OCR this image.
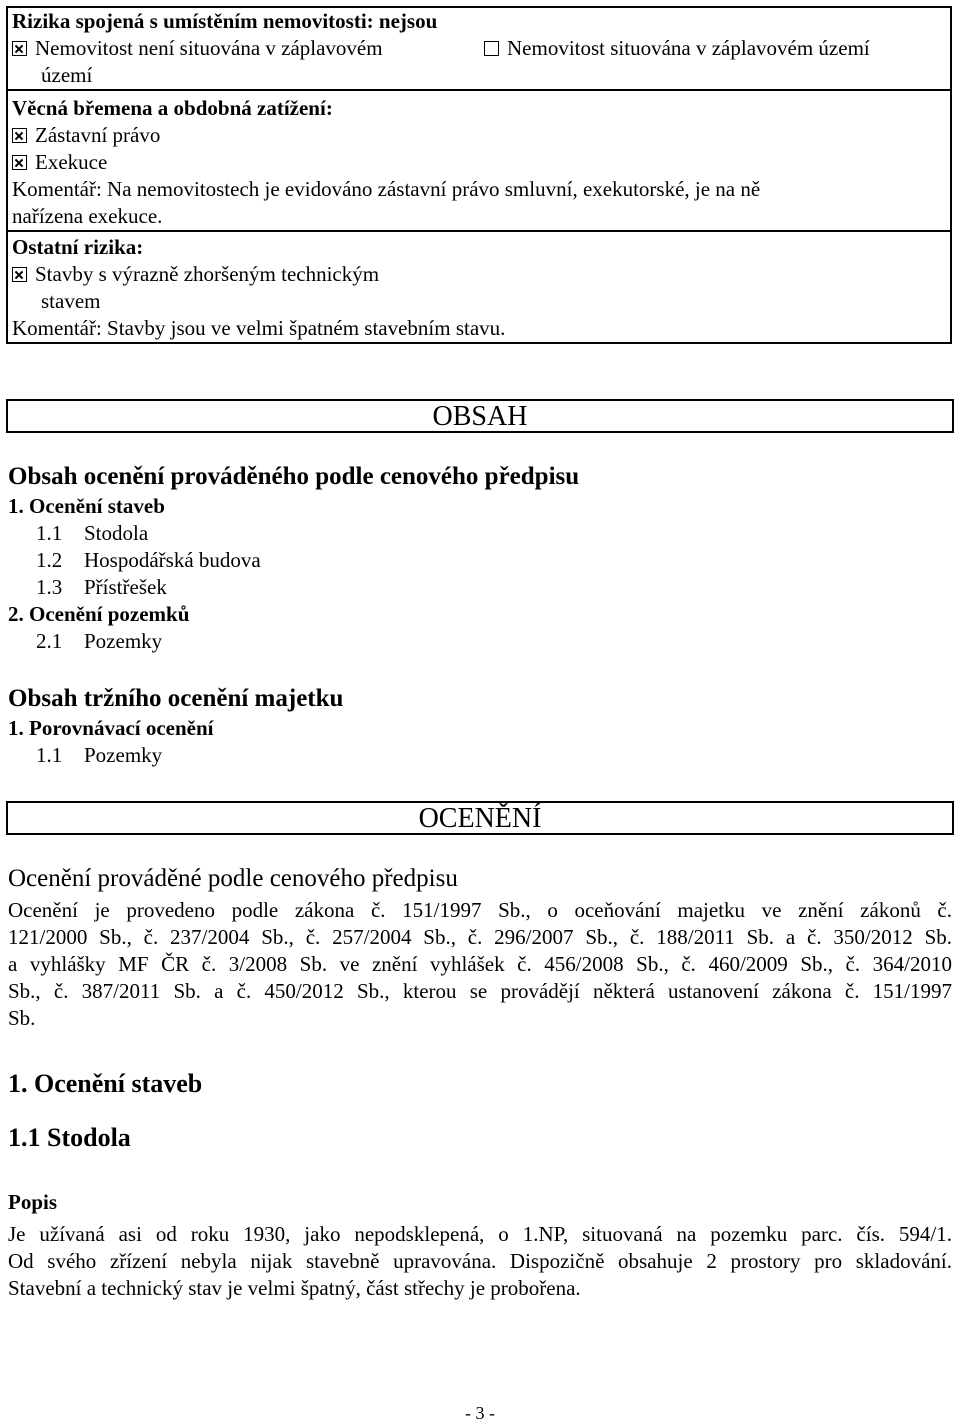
Rizika spojená s umístěním nemovitosti: nejsou
Nemovitost není situována v záplavovém	Nemovitost situována v záplavovém území
území
Věcná břemena a obdobná zatížení:
Zástavní právo
Exekuce
Komentář: Na nemovitostech je evidováno zástavní právo smluvní, exekutorské, je na ně
nařízena exekuce.
Ostatní rizika:
Stavby s výrazně zhoršeným technickým
stavem
Komentář: Stavby jsou ve velmi špatném stavebním stavu.
OBSAH
Obsah ocenění prováděného podle cenového předpisu
1. Ocenění staveb
1.1 Stodola
1.2 Hospodářská budova
1.3 Přístřešek
2. Ocenění pozemků
2.1 Pozemky
Obsah tržního ocenění majetku
1. Porovnávací ocenění
1.1 Pozemky
OCENĚNÍ
Ocenění prováděné podle cenového předpisu
Ocenění je provedeno podle zákona č. 151/1997 Sb., o oceňování majetku ve znění zákonů č.
121/2000 Sb., č. 237/2004 Sb., č. 257/2004 Sb., č. 296/2007 Sb., č. 188/2011 Sb. a č. 350/2012 Sb.
a vyhlášky MF ČR č. 3/2008 Sb. ve znění vyhlášek č. 456/2008 Sb., č. 460/2009 Sb., č. 364/2010
Sb., č. 387/2011 Sb. a č. 450/2012 Sb., kterou se provádějí některá ustanovení zákona č. 151/1997
Sb.
1. Ocenění staveb
1.1 Stodola
Popis
Je užívaná asi od roku 1930, jako nepodsklepená, o 1.NP, situovaná na pozemku parc. čís. 594/1.
Od svého zřízení nebyla nijak stavebně upravována. Dispozičně obsahuje 2 prostory pro skladování.
Stavební a technický stav je velmi špatný, část střechy je probořena.
- 3 -
